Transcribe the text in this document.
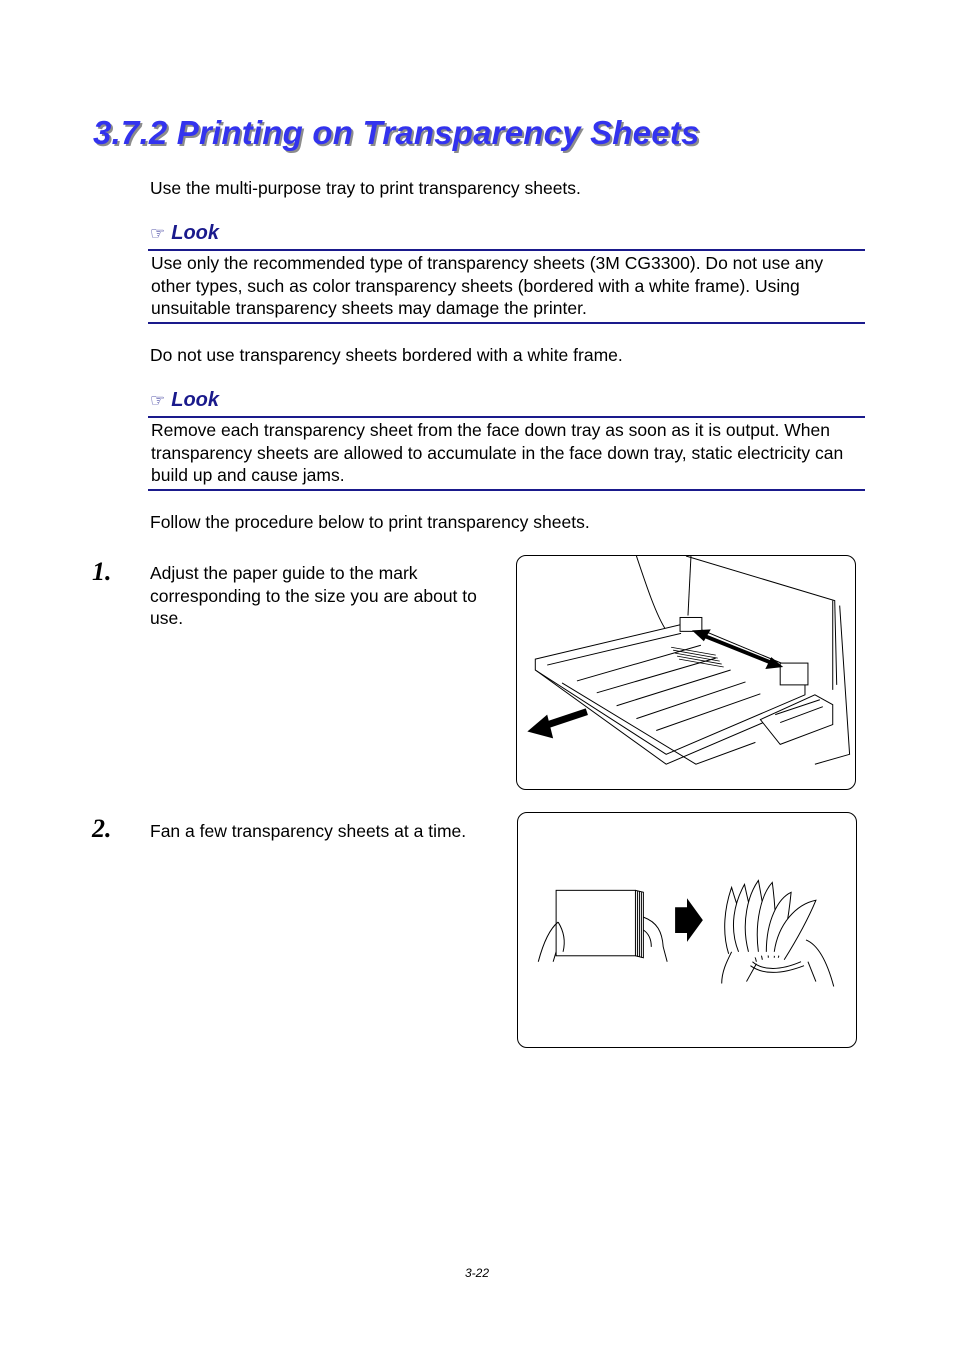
3.7.2 Printing on Transparency Sheets

Use the multi-purpose tray to print transparency sheets.

☞ Look

Use only the recommended type of transparency sheets (3M CG3300). Do not use any other types, such as color transparency sheets (bordered with a white frame). Using unsuitable transparency sheets may damage the printer.

Do not use transparency sheets bordered with a white frame.

☞ Look

Remove each transparency sheet from the face down tray as soon as it is output. When transparency sheets are allowed to accumulate in the face down tray, static electricity can build up and cause jams.

Follow the procedure below to print transparency sheets.

1. Adjust the paper guide to the mark corresponding to the size you are about to use.

2. Fan a few transparency sheets at a time.

3-22
